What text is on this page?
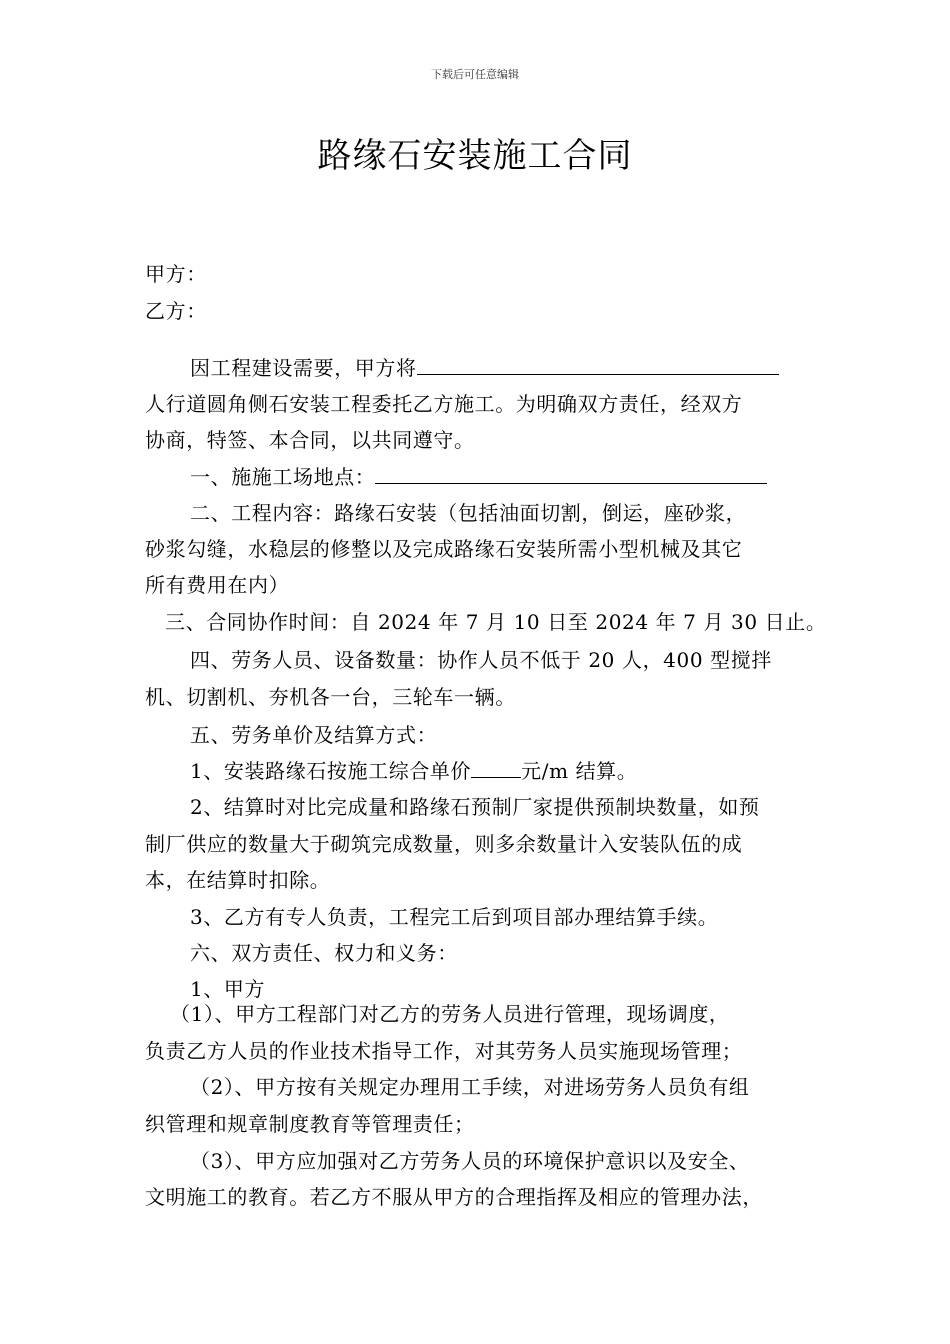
下载后可任意编辑
路缘石安装施工合同
甲方：
乙方：
因工程建设需要，甲方将
人行道圆角侧石安装工程委托乙方施工。为明确双方责任，经双方
协商，特签、本合同，以共同遵守。
一、施施工场地点：
二、工程内容：路缘石安装（包括油面切割，倒运，座砂浆，
砂浆勾缝，水稳层的修整以及完成路缘石安装所需小型机械及其它
所有费用在内）
三、合同协作时间：自 2024 年 7 月 10 日至 2024 年 7 月 30 日止。
四、劳务人员、设备数量：协作人员不低于 20 人，400 型搅拌
机、切割机、夯机各一台，三轮车一辆。
五、劳务单价及结算方式：
1、安装路缘石按施工综合单价	元/m 结算。
2、结算时对比完成量和路缘石预制厂家提供预制块数量，如预
制厂供应的数量大于砌筑完成数量，则多余数量计入安装队伍的成
本，在结算时扣除。
3、乙方有专人负责，工程完工后到项目部办理结算手续。
六、双方责任、权力和义务：
1、甲方
（1）、甲方工程部门对乙方的劳务人员进行管理，现场调度，
负责乙方人员的作业技术指导工作，对其劳务人员实施现场管理；
（2）、甲方按有关规定办理用工手续，对进场劳务人员负有组
织管理和规章制度教育等管理责任；
（3）、甲方应加强对乙方劳务人员的环境保护意识以及安全、
文明施工的教育。若乙方不服从甲方的合理指挥及相应的管理办法，
